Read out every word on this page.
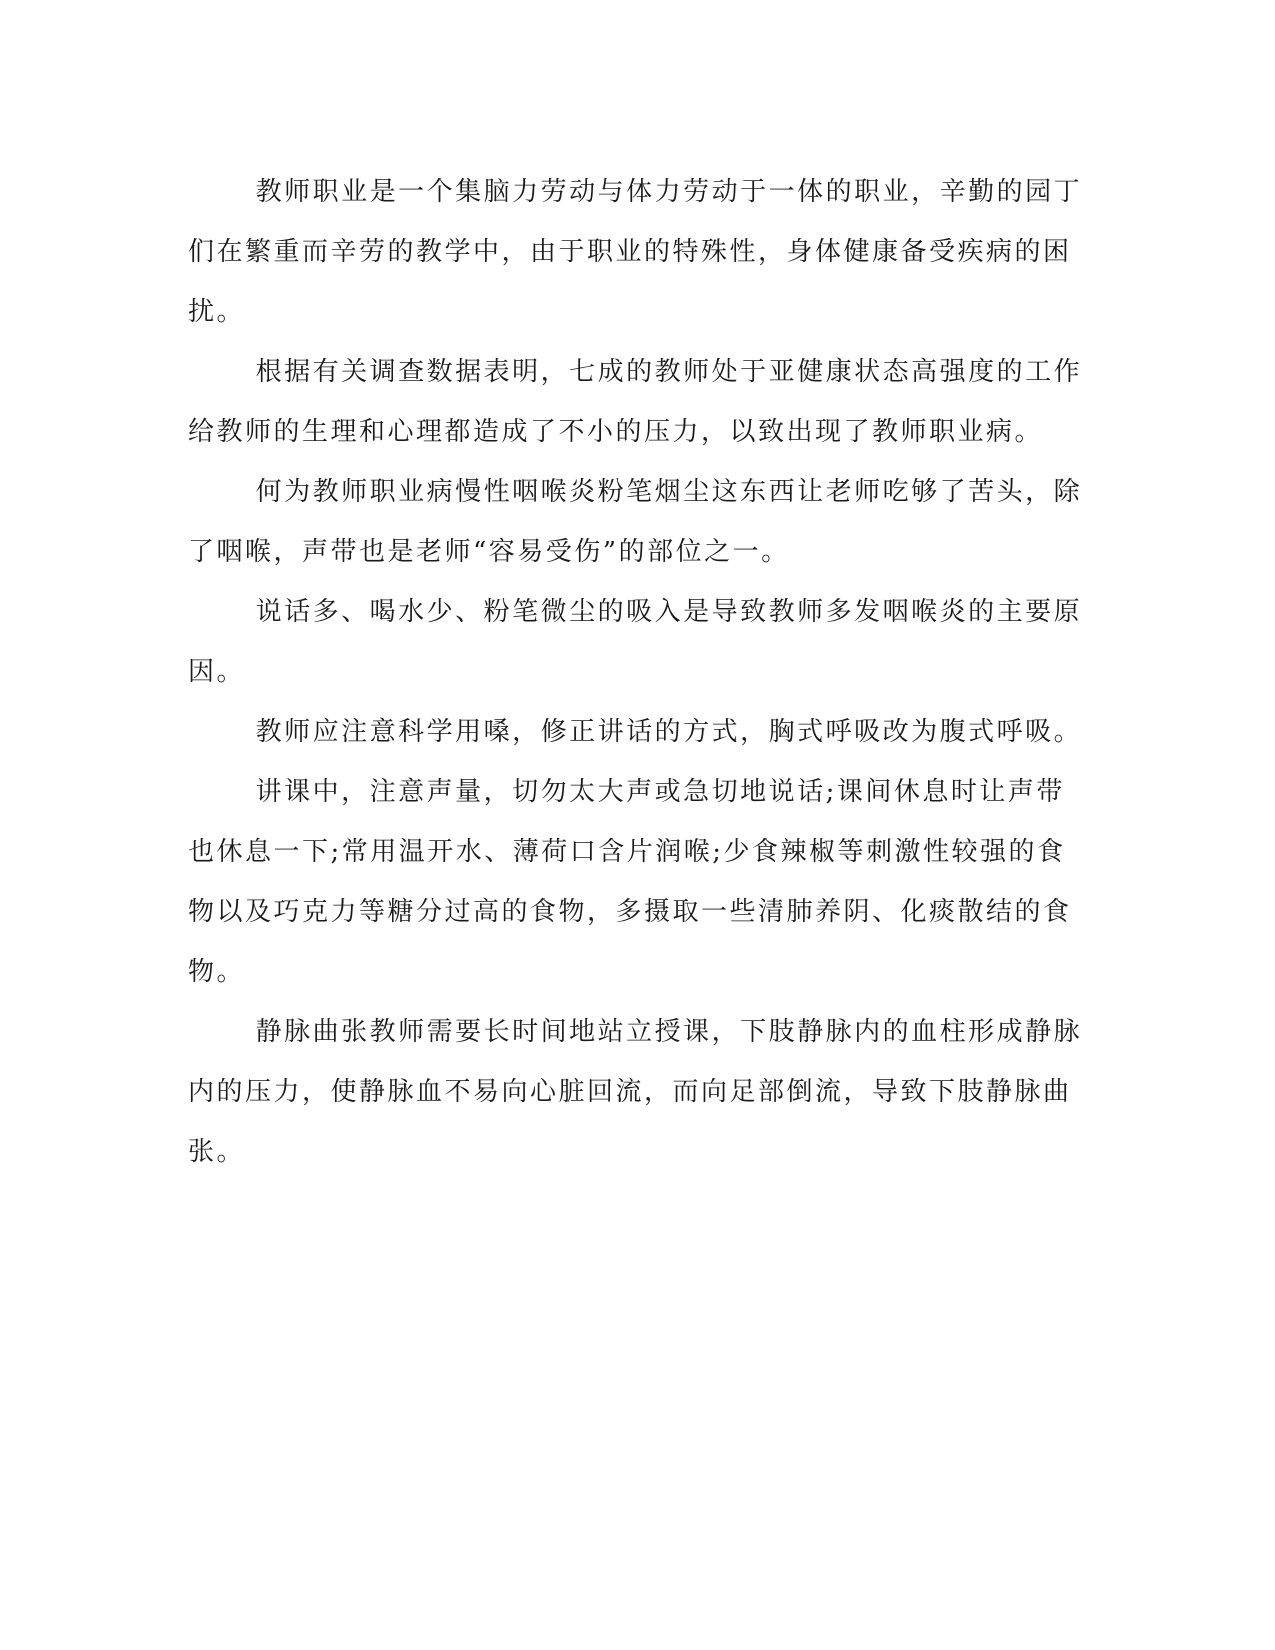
教师职业是一个集脑力劳动与体力劳动于一体的职业，辛勤的园丁们在繁重而辛劳的教学中，由于职业的特殊性，身体健康备受疾病的困扰。

根据有关调查数据表明，七成的教师处于亚健康状态高强度的工作给教师的生理和心理都造成了不小的压力，以致出现了教师职业病。

何为教师职业病慢性咽喉炎粉笔烟尘这东西让老师吃够了苦头，除了咽喉，声带也是老师“容易受伤”的部位之一。

说话多、喝水少、粉笔微尘的吸入是导致教师多发咽喉炎的主要原因。

教师应注意科学用嗓，修正讲话的方式，胸式呼吸改为腹式呼吸。

讲课中，注意声量，切勿太大声或急切地说话;课间休息时让声带也休息一下;常用温开水、薄荷口含片润喉;少食辣椒等刺激性较强的食物以及巧克力等糖分过高的食物，多摄取一些清肺养阴、化痰散结的食物。

静脉曲张教师需要长时间地站立授课，下肢静脉内的血柱形成静脉内的压力，使静脉血不易向心脏回流，而向足部倒流，导致下肢静脉曲张。
